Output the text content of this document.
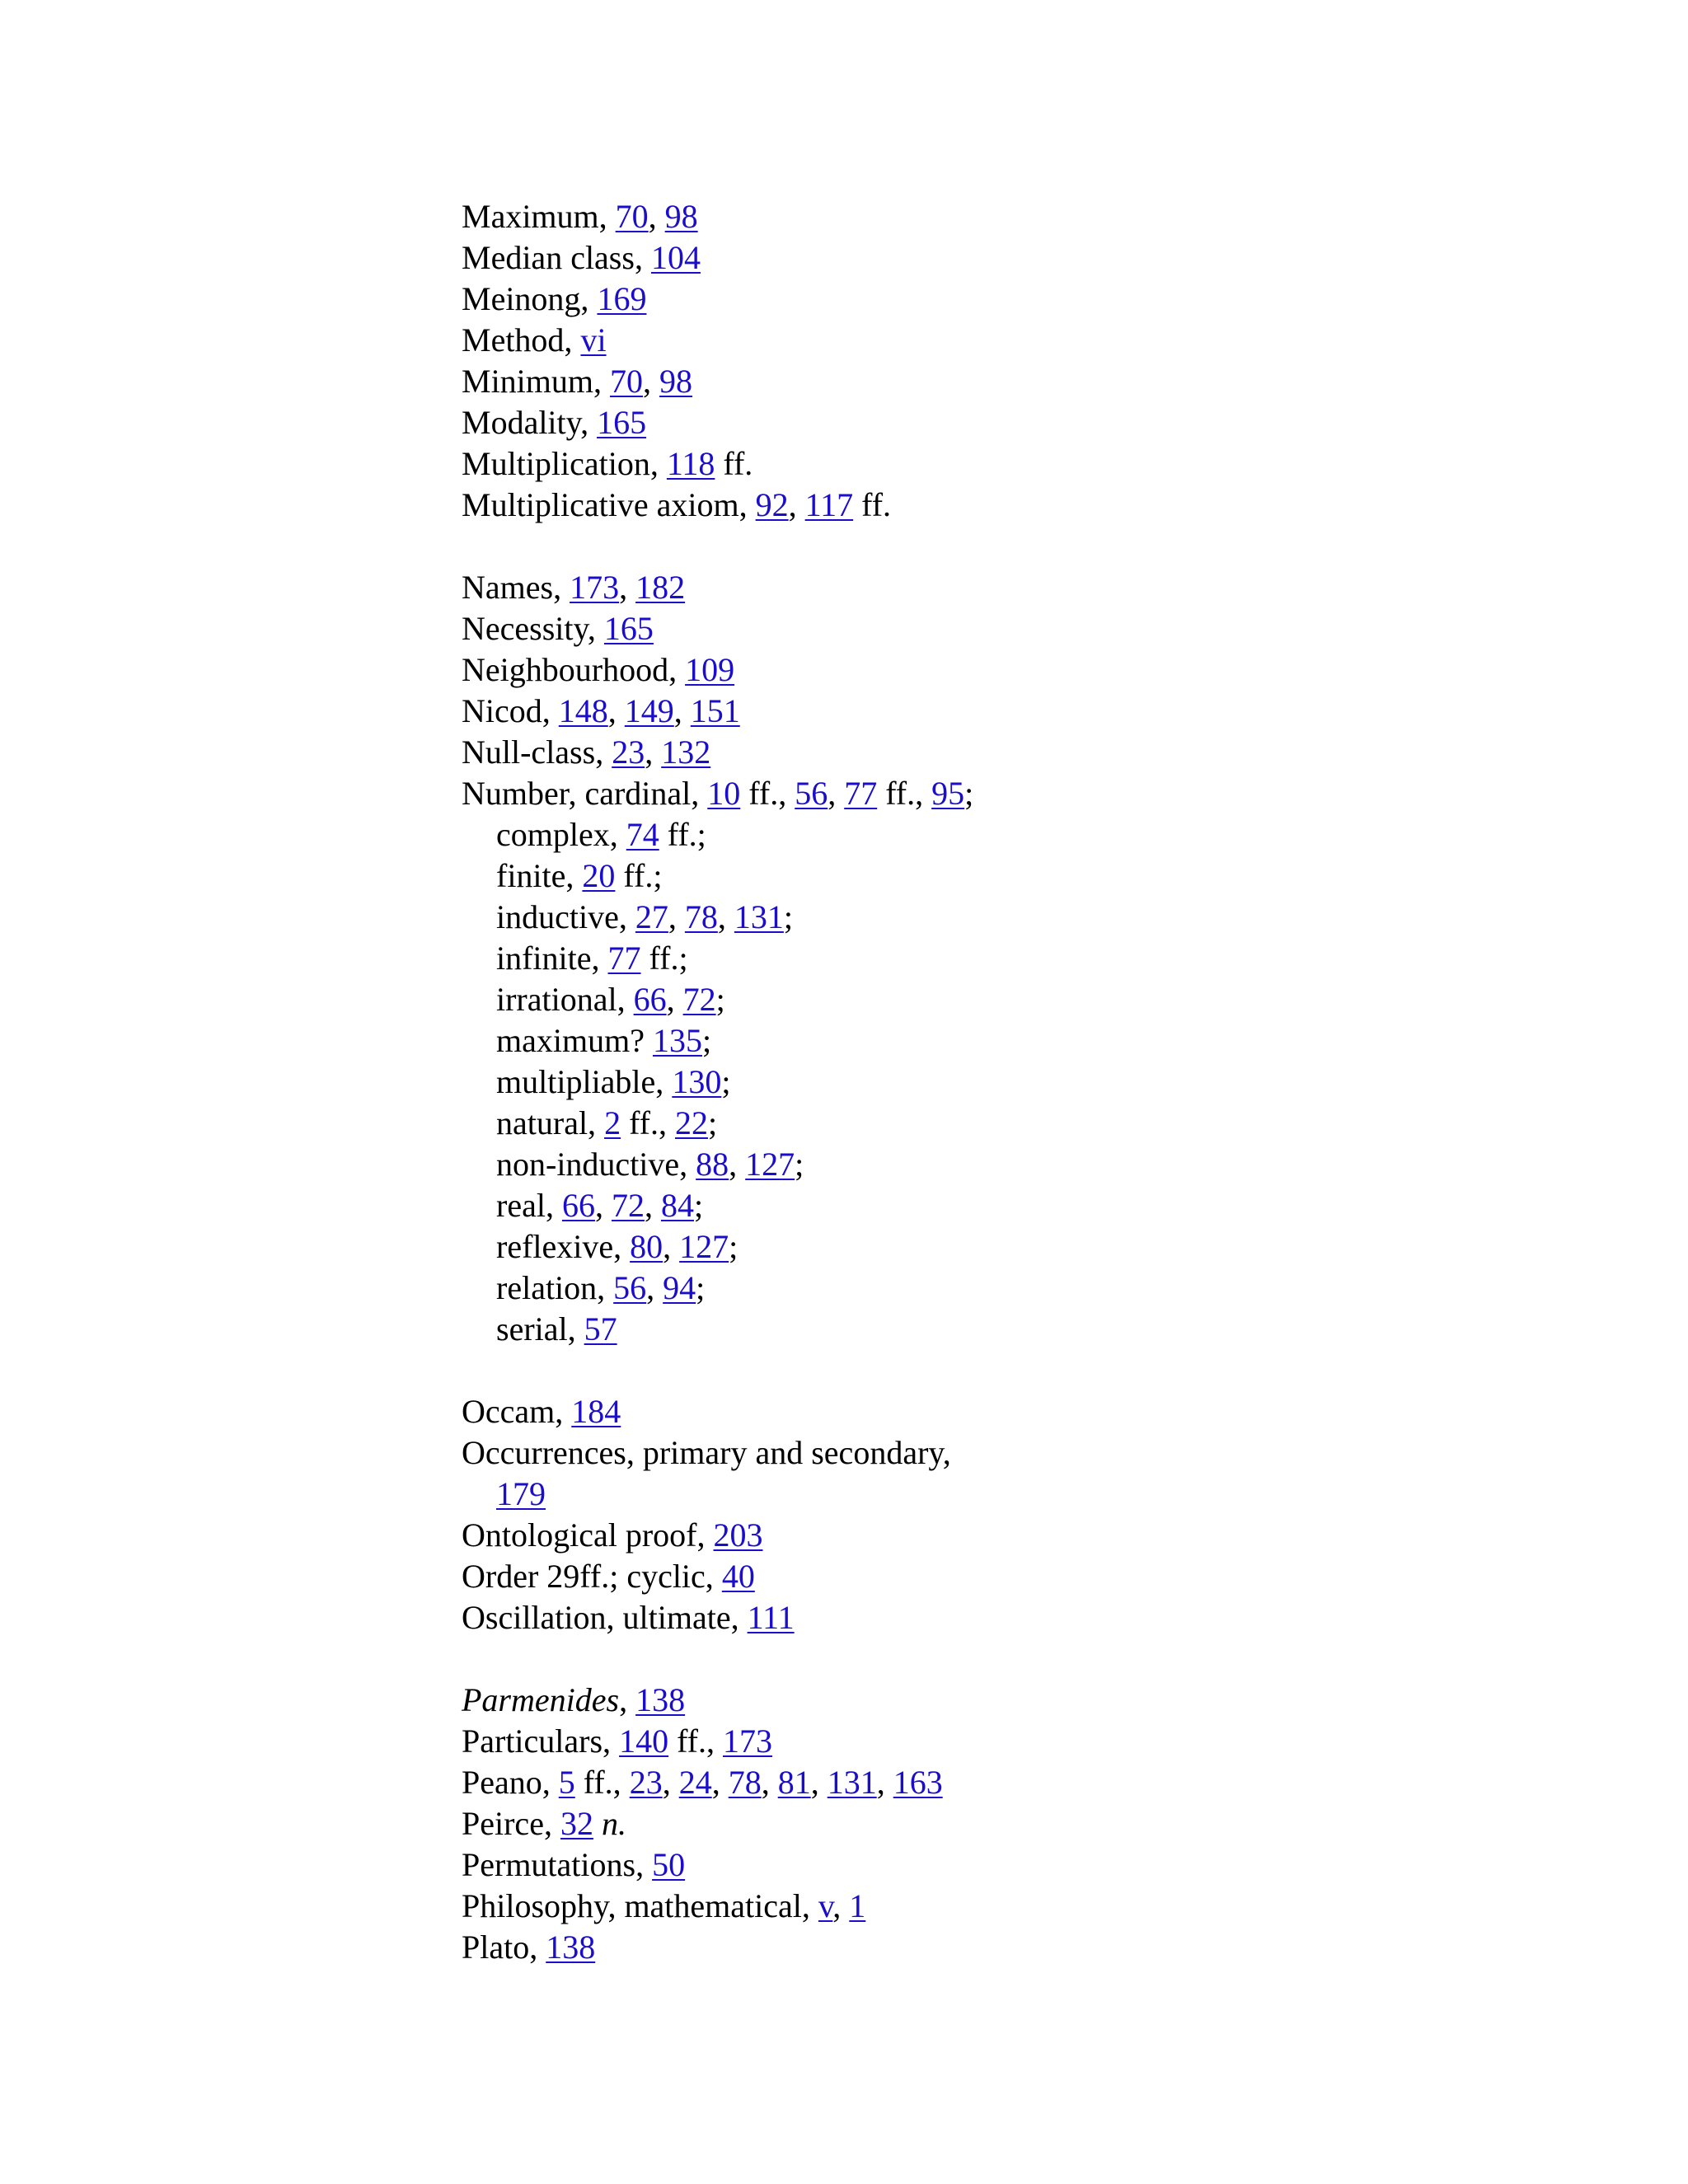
Maximum, 70, 98
Median class, 104
Meinong, 169
Method, vi
Minimum, 70, 98
Modality, 165
Multiplication, 118 ff.
Multiplicative axiom, 92, 117 ff.
Names, 173, 182
Necessity, 165
Neighbourhood, 109
Nicod, 148, 149, 151
Null-class, 23, 132
Number, cardinal, 10 ff., 56, 77 ff., 95;
complex, 74 ff.;
finite, 20 ff.;
inductive, 27, 78, 131;
infinite, 77 ff.;
irrational, 66, 72;
maximum? 135;
multipliable, 130;
natural, 2 ff., 22;
non-inductive, 88, 127;
real, 66, 72, 84;
reflexive, 80, 127;
relation, 56, 94;
serial, 57
Occam, 184
Occurrences, primary and secondary,
179
Ontological proof, 203
Order 29ff.; cyclic, 40
Oscillation, ultimate, 111
Parmenides, 138
Particulars, 140 ff., 173
Peano, 5 ff., 23, 24, 78, 81, 131, 163
Peirce, 32 n.
Permutations, 50
Philosophy, mathematical, v, 1
Plato, 138
